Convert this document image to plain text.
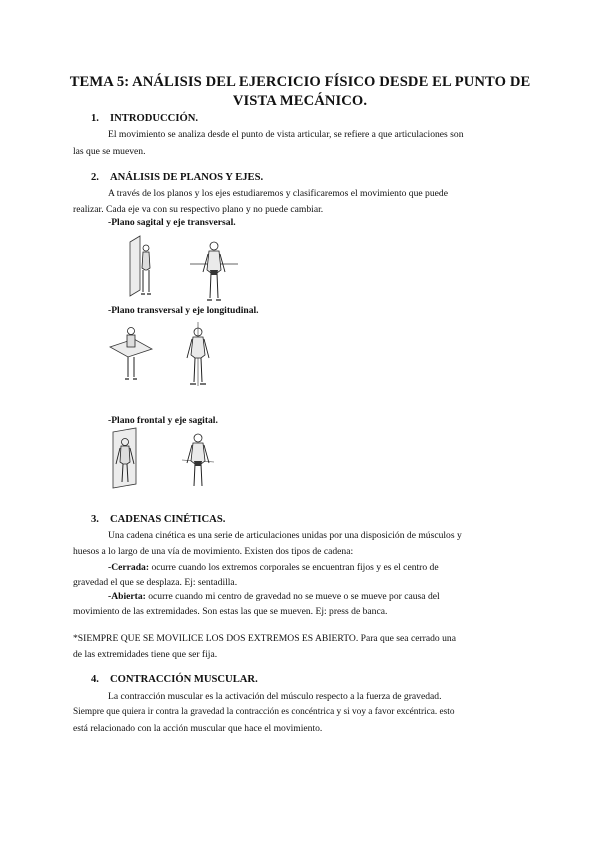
TEMA 5: ANÁLISIS DEL EJERCICIO FÍSICO DESDE EL PUNTO DE VISTA MECÁNICO.
1. INTRODUCCIÓN.
El movimiento se analiza desde el punto de vista articular, se refiere a que articulaciones son
las que se mueven.
2. ANÁLISIS DE PLANOS Y EJES.
A través de los planos y los ejes estudiaremos y clasificaremos el movimiento que puede
realizar. Cada eje va con su respectivo plano y no puede cambiar.
-Plano sagital y eje transversal.
-Plano transversal y eje longitudinal.
-Plano frontal y eje sagital.
3. CADENAS CINÉTICAS.
Una cadena cinética es una serie de articulaciones unidas por una disposición de músculos y
huesos a lo largo de una vía de movimiento. Existen dos tipos de cadena:
-Cerrada: ocurre cuando los extremos corporales se encuentran fijos y es el centro de
gravedad el que se desplaza. Ej: sentadilla.
-Abierta: ocurre cuando mi centro de gravedad no se mueve o se mueve por causa del
movimiento de las extremidades. Son estas las que se mueven. Ej: press de banca.
*SIEMPRE QUE SE MOVILICE LOS DOS EXTREMOS ES ABIERTO. Para que sea cerrado una
de las extremidades tiene que ser fija.
4. CONTRACCIÓN MUSCULAR.
La contracción muscular es la activación del músculo respecto a la fuerza de gravedad.
Siempre que quiera ir contra la gravedad la contracción es concéntrica y si voy a favor excéntrica. esto
está relacionado con la acción muscular que hace el movimiento.
